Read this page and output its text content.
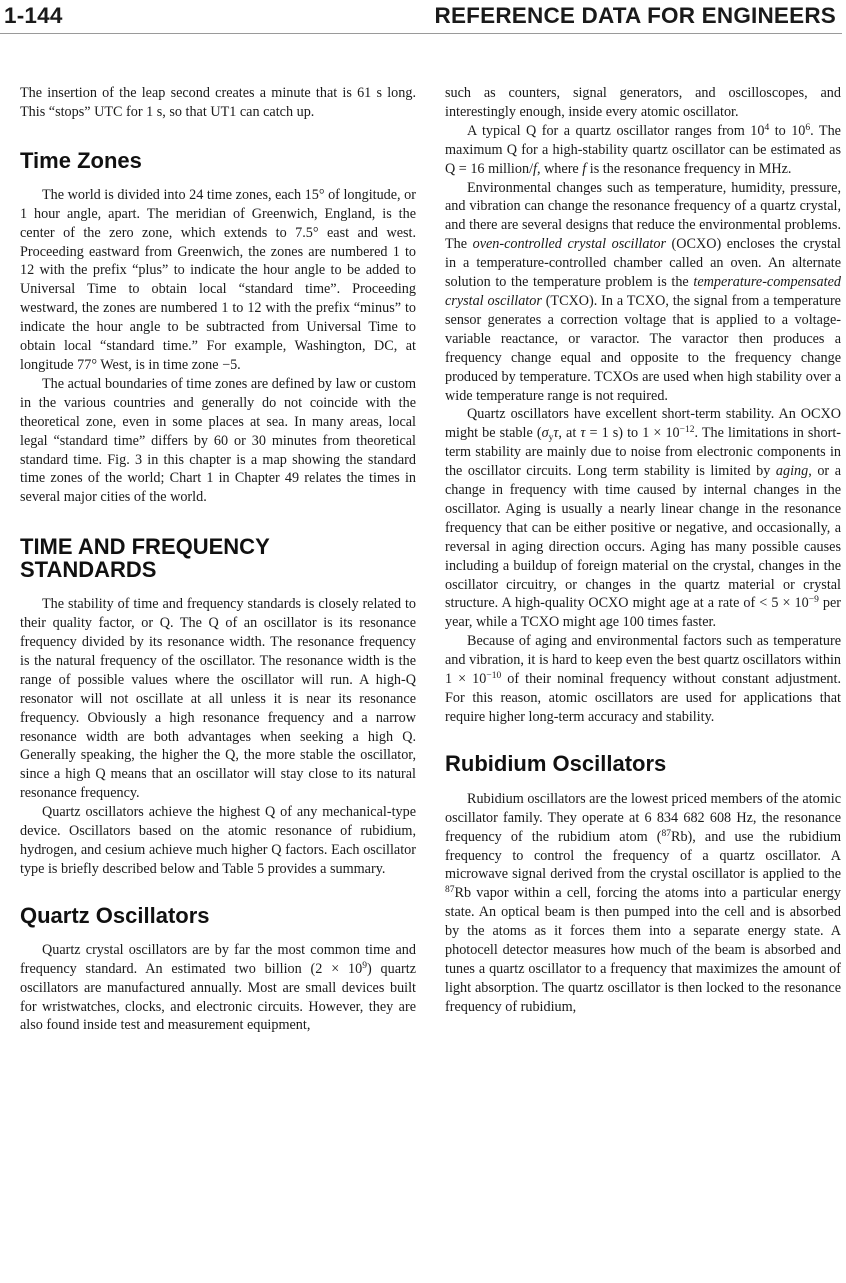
1-144	REFERENCE DATA FOR ENGINEERS

The insertion of the leap second creates a minute that is 61 s long. This “stops” UTC for 1 s, so that UT1 can catch up.

Time Zones

The world is divided into 24 time zones, each 15° of longitude, or 1 hour angle, apart. The meridian of Greenwich, England, is the center of the zero zone, which extends to 7.5° east and west. Proceeding eastward from Greenwich, the zones are numbered 1 to 12 with the prefix “plus” to indicate the hour angle to be added to Universal Time to obtain local “standard time”. Proceeding westward, the zones are numbered 1 to 12 with the prefix “minus” to indicate the hour angle to be subtracted from Universal Time to obtain local “standard time.” For example, Washington, DC, at longitude 77° West, is in time zone −5.

The actual boundaries of time zones are defined by law or custom in the various countries and generally do not coincide with the theoretical zone, even in some places at sea. In many areas, local legal “standard time” differs by 60 or 30 minutes from theoretical standard time. Fig. 3 in this chapter is a map showing the standard time zones of the world; Chart 1 in Chapter 49 relates the times in several major cities of the world.

TIME AND FREQUENCY
STANDARDS

The stability of time and frequency standards is closely related to their quality factor, or Q. The Q of an oscillator is its resonance frequency divided by its resonance width. The resonance frequency is the natural frequency of the oscillator. The resonance width is the range of possible values where the oscillator will run. A high-Q resonator will not oscillate at all unless it is near its resonance frequency. Obviously a high resonance frequency and a narrow resonance width are both advantages when seeking a high Q. Generally speaking, the higher the Q, the more stable the oscillator, since a high Q means that an oscillator will stay close to its natural resonance frequency.

Quartz oscillators achieve the highest Q of any mechanical-type device. Oscillators based on the atomic resonance of rubidium, hydrogen, and cesium achieve much higher Q factors. Each oscillator type is briefly described below and Table 5 provides a summary.

Quartz Oscillators

Quartz crystal oscillators are by far the most common time and frequency standard. An estimated two billion $(2 \times 10^9)$ quartz oscillators are manufactured annually. Most are small devices built for wristwatches, clocks, and electronic circuits. However, they are also found inside test and measurement equipment,

such as counters, signal generators, and oscilloscopes, and interestingly enough, inside every atomic oscillator.

A typical Q for a quartz oscillator ranges from $10^4$ to $10^6$. The maximum Q for a high-stability quartz oscillator can be estimated as Q = 16 million/f, where f is the resonance frequency in MHz.

Environmental changes such as temperature, humidity, pressure, and vibration can change the resonance frequency of a quartz crystal, and there are several designs that reduce the environmental problems. The oven-controlled crystal oscillator (OCXO) encloses the crystal in a temperature-controlled chamber called an oven. An alternate solution to the temperature problem is the temperature-compensated crystal oscillator (TCXO). In a TCXO, the signal from a temperature sensor generates a correction voltage that is applied to a voltage-variable reactance, or varactor. The varactor then produces a frequency change equal and opposite to the frequency change produced by temperature. TCXOs are used when high stability over a wide temperature range is not required.

Quartz oscillators have excellent short-term stability. An OCXO might be stable ($\sigma_y\tau$, at τ = 1 s) to $1 \times 10^{-12}$. The limitations in short-term stability are mainly due to noise from electronic components in the oscillator circuits. Long term stability is limited by aging, or a change in frequency with time caused by internal changes in the oscillator. Aging is usually a nearly linear change in the resonance frequency that can be either positive or negative, and occasionally, a reversal in aging direction occurs. Aging has many possible causes including a buildup of foreign material on the crystal, changes in the oscillator circuitry, or changes in the quartz material or crystal structure. A high-quality OCXO might age at a rate of < $5 \times 10^{-9}$ per year, while a TCXO might age 100 times faster.

Because of aging and environmental factors such as temperature and vibration, it is hard to keep even the best quartz oscillators within $1 \times 10^{-10}$ of their nominal frequency without constant adjustment. For this reason, atomic oscillators are used for applications that require higher long-term accuracy and stability.

Rubidium Oscillators

Rubidium oscillators are the lowest priced members of the atomic oscillator family. They operate at 6 834 682 608 Hz, the resonance frequency of the rubidium atom ($^{87}$Rb), and use the rubidium frequency to control the frequency of a quartz oscillator. A microwave signal derived from the crystal oscillator is applied to the $^{87}$Rb vapor within a cell, forcing the atoms into a particular energy state. An optical beam is then pumped into the cell and is absorbed by the atoms as it forces them into a separate energy state. A photocell detector measures how much of the beam is absorbed and tunes a quartz oscillator to a frequency that maximizes the amount of light absorption. The quartz oscillator is then locked to the resonance frequency of rubidium,
